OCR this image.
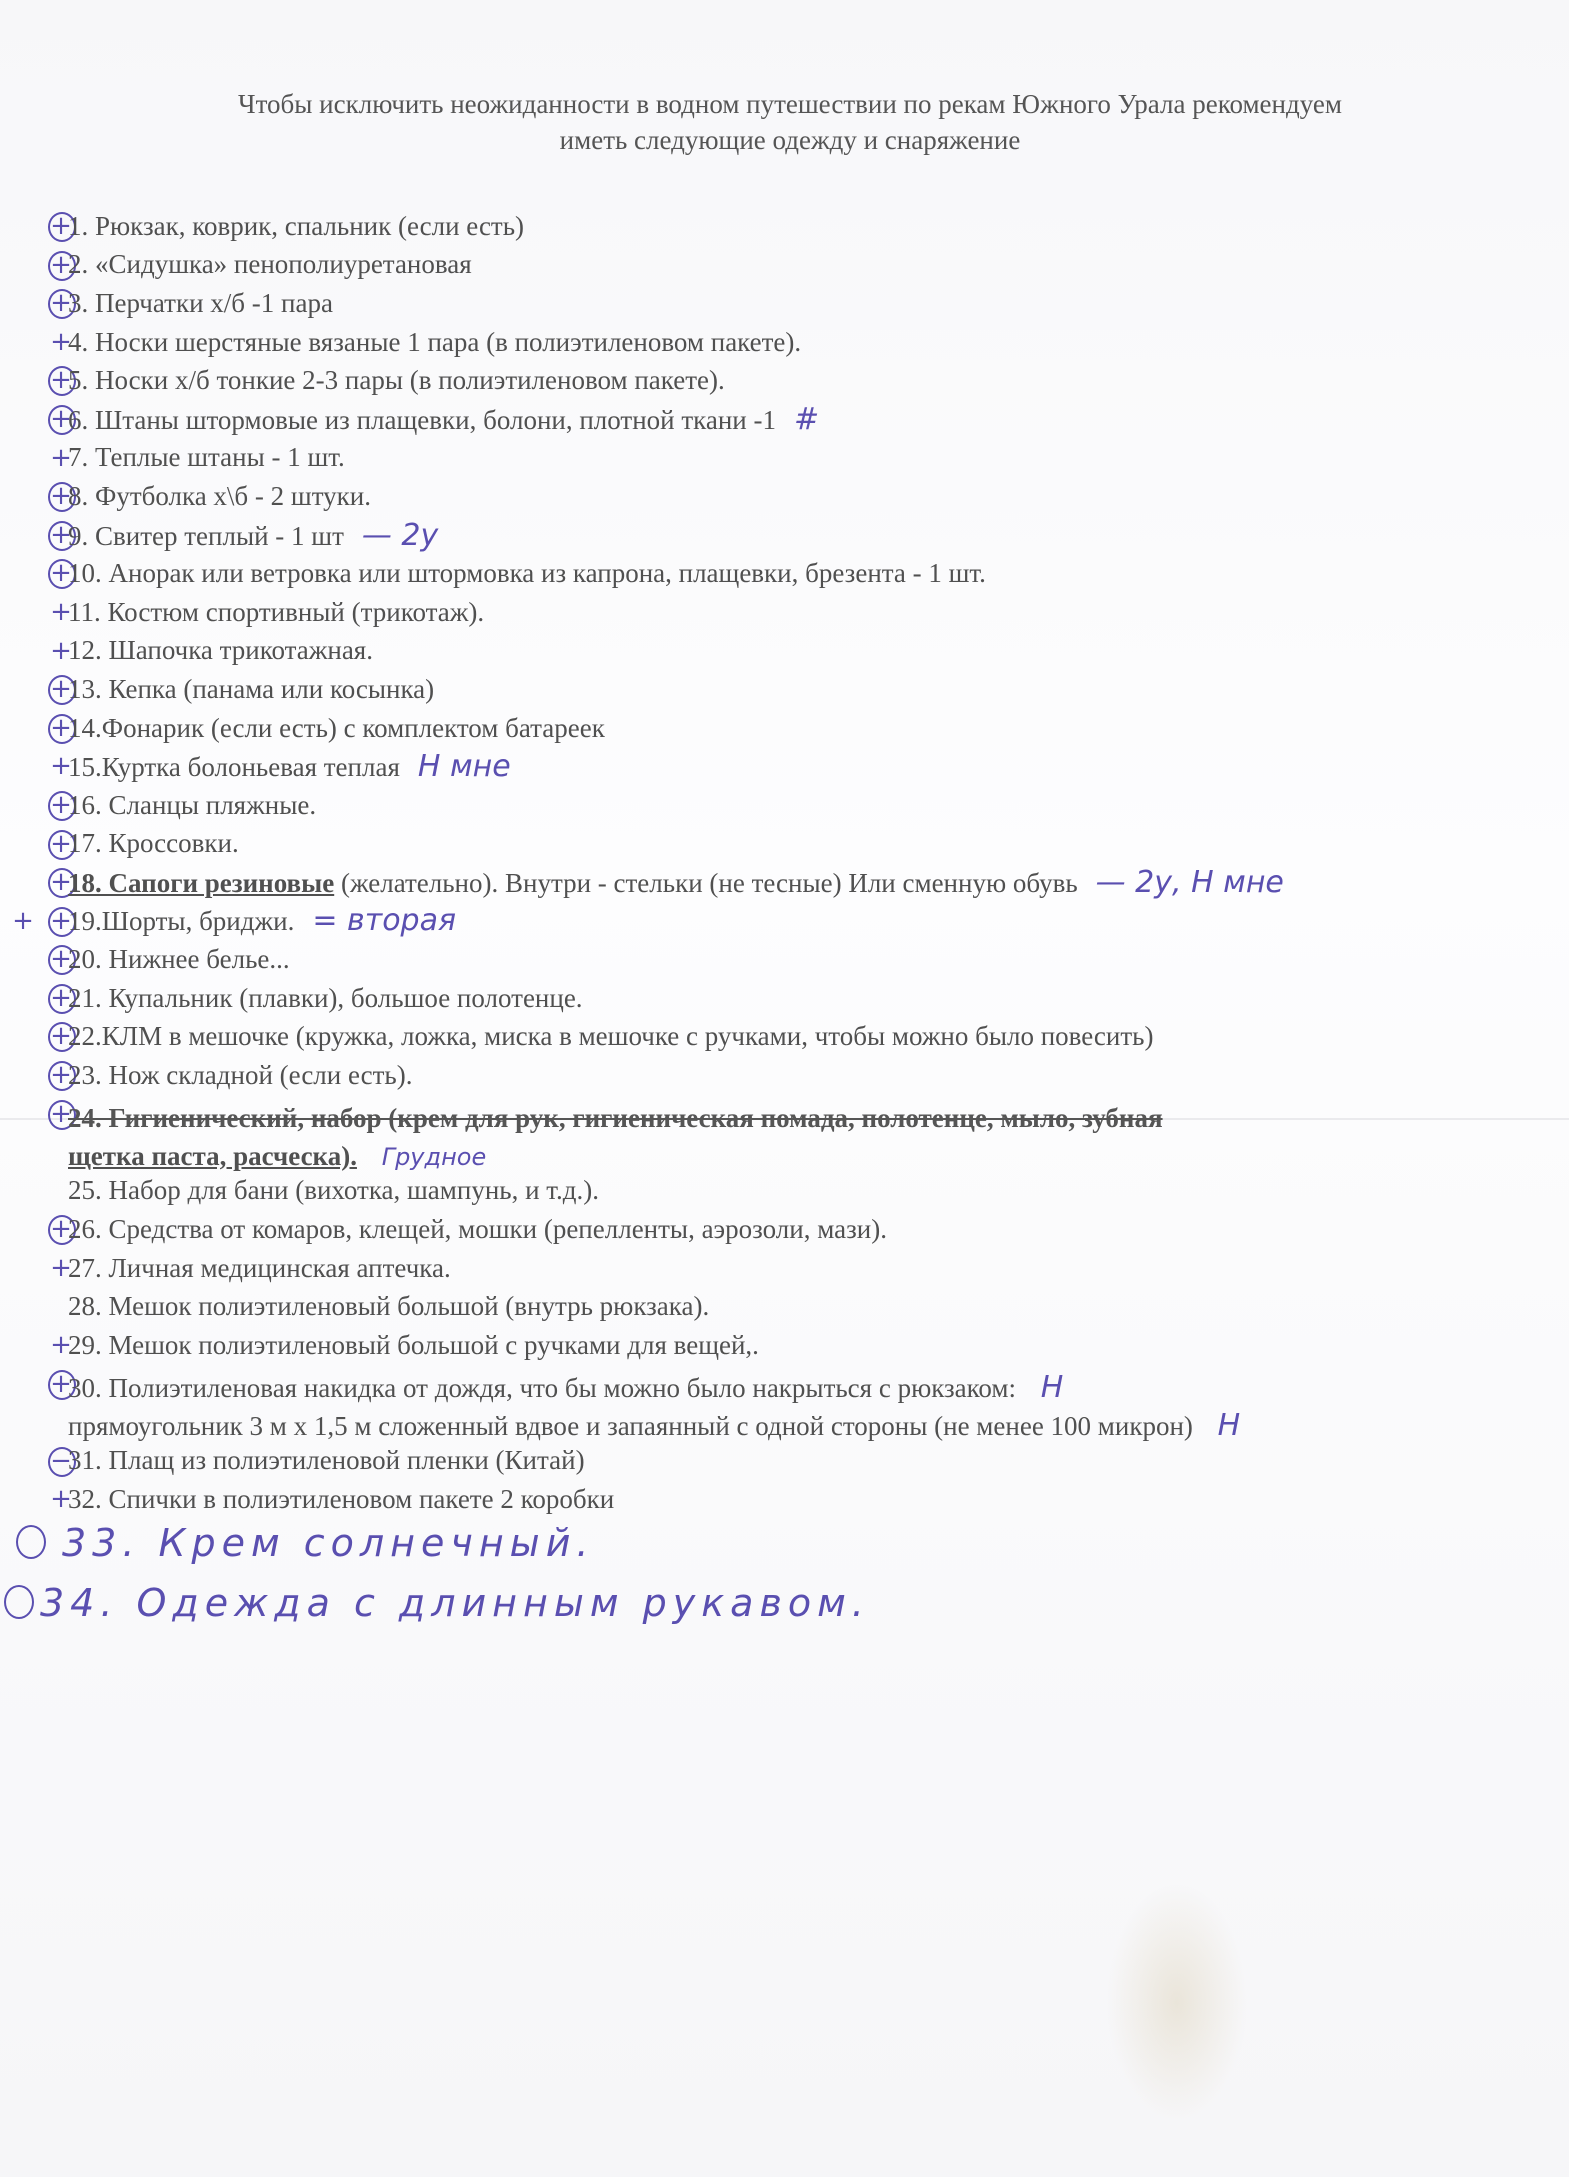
Чтобы исключить неожиданности в водном путешествии по рекам Южного Урала рекомендуем
иметь следующие одежду и снаряжение
+
1. Рюкзак, коврик, спальник (если есть)
+
2. «Сидушка» пенополиуретановая
+
3. Перчатки х/б -1 пара
+
4. Носки шерстяные вязаные 1 пара (в полиэтиленовом пакете).
+
5. Носки х/б тонкие 2-3 пары (в полиэтиленовом пакете).
+
6. Штаны штормовые из плащевки, болони, плотной ткани -1 #
+
7. Теплые штаны - 1 шт.
+
8. Футболка х\б - 2 штуки.
+
9. Свитер теплый - 1 шт — 2у
+
10. Анорак или ветровка или штормовка из капрона, плащевки, брезента - 1 шт.
+
11. Костюм спортивный (трикотаж).
+
12. Шапочка трикотажная.
+
13. Кепка (панама или косынка)
+
14.Фонарик (если есть) с комплектом батареек
+
15.Куртка болоньевая теплая Н мне
+
16. Сланцы пляжные.
+
17. Кроссовки.
+
18. Сапоги резиновые (желательно). Внутри - стельки (не тесные) Или сменную обувь — 2у, Н мне
+ +
19.Шорты, бриджи. = вторая
+
20. Нижнее белье...
+
21. Купальник (плавки), большое полотенце.
+
22.КЛМ в мешочке (кружка, ложка, миска в мешочке с ручками, чтобы можно было повесить)
+
23. Нож складной (если есть).
+
24. Гигиенический, набор (крем для рук, гигиеническая помада, полотенце, мыло, зубная
щетка паста, расческа). Грудное
25. Набор для бани (вихотка, шампунь, и т.д.).
+
26. Средства от комаров, клещей, мошки (репелленты, аэрозоли, мази).
+
27. Личная медицинская аптечка.
28. Мешок полиэтиленовый большой (внутрь рюкзака).
+
29. Мешок полиэтиленовый большой с ручками для вещей,.
+
30. Полиэтиленовая накидка от дождя, что бы можно было накрыться с рюкзаком: Н
прямоугольник 3 м х 1,5 м сложенный вдвое и запаянный с одной стороны (не менее 100 микрон) Н
−
31. Плащ из полиэтиленовой пленки (Китай)
+
32. Спички в полиэтиленовом пакете 2 коробки
33. Крем солнечный.
34. Одежда с длинным рукавом.
